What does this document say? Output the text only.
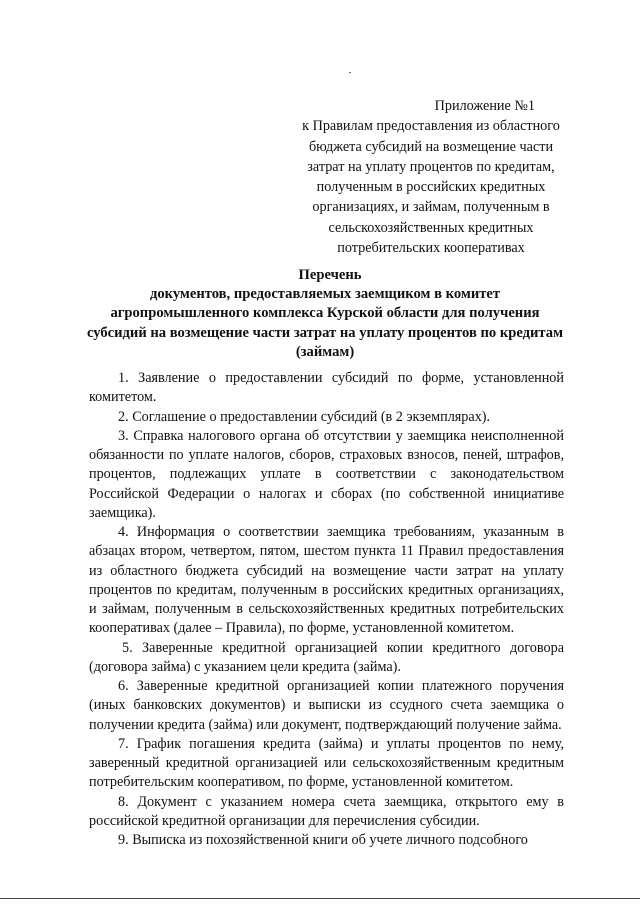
Приложение №1
к Правилам предоставления из областного
бюджета субсидий на возмещение части
затрат на уплату процентов по кредитам,
полученным в российских кредитных
организациях, и займам, полученным в
сельскохозяйственных кредитных
потребительских кооперативах
Перечень
документов, предоставляемых заемщиком в комитет агропромышленного комплекса Курской области для получения субсидий на возмещение части затрат на уплату процентов по кредитам (займам)

1. Заявление о предоставлении субсидий по форме, установленной комитетом.

2. Соглашение о предоставлении субсидий (в 2 экземплярах).

3. Справка налогового органа об отсутствии у заемщика неисполненной обязанности по уплате налогов, сборов, страховых взносов, пеней, штрафов, процентов, подлежащих уплате в соответствии с законодательством Российской Федерации о налогах и сборах (по собственной инициативе заемщика).

4. Информация о соответствии заемщика требованиям, указанным в абзацах втором, четвертом, пятом, шестом пункта 11 Правил предоставления из областного бюджета субсидий на возмещение части затрат на уплату процентов по кредитам, полученным в российских кредитных организациях, и займам, полученным в сельскохозяйственных кредитных потребительских кооперативах (далее – Правила), по форме, установленной комитетом.

5. Заверенные кредитной организацией копии кредитного договора (договора займа) с указанием цели кредита (займа).

6. Заверенные кредитной организацией копии платежного поручения (иных банковских документов) и выписки из ссудного счета заемщика о получении кредита (займа) или документ, подтверждающий получение займа.

7. График погашения кредита (займа) и уплаты процентов по нему, заверенный кредитной организацией или сельскохозяйственным кредитным потребительским кооперативом, по форме, установленной комитетом.

8. Документ с указанием номера счета заемщика, открытого ему в российской кредитной организации для перечисления субсидии.

9. Выписка из похозяйственной книги об учете личного подсобного
